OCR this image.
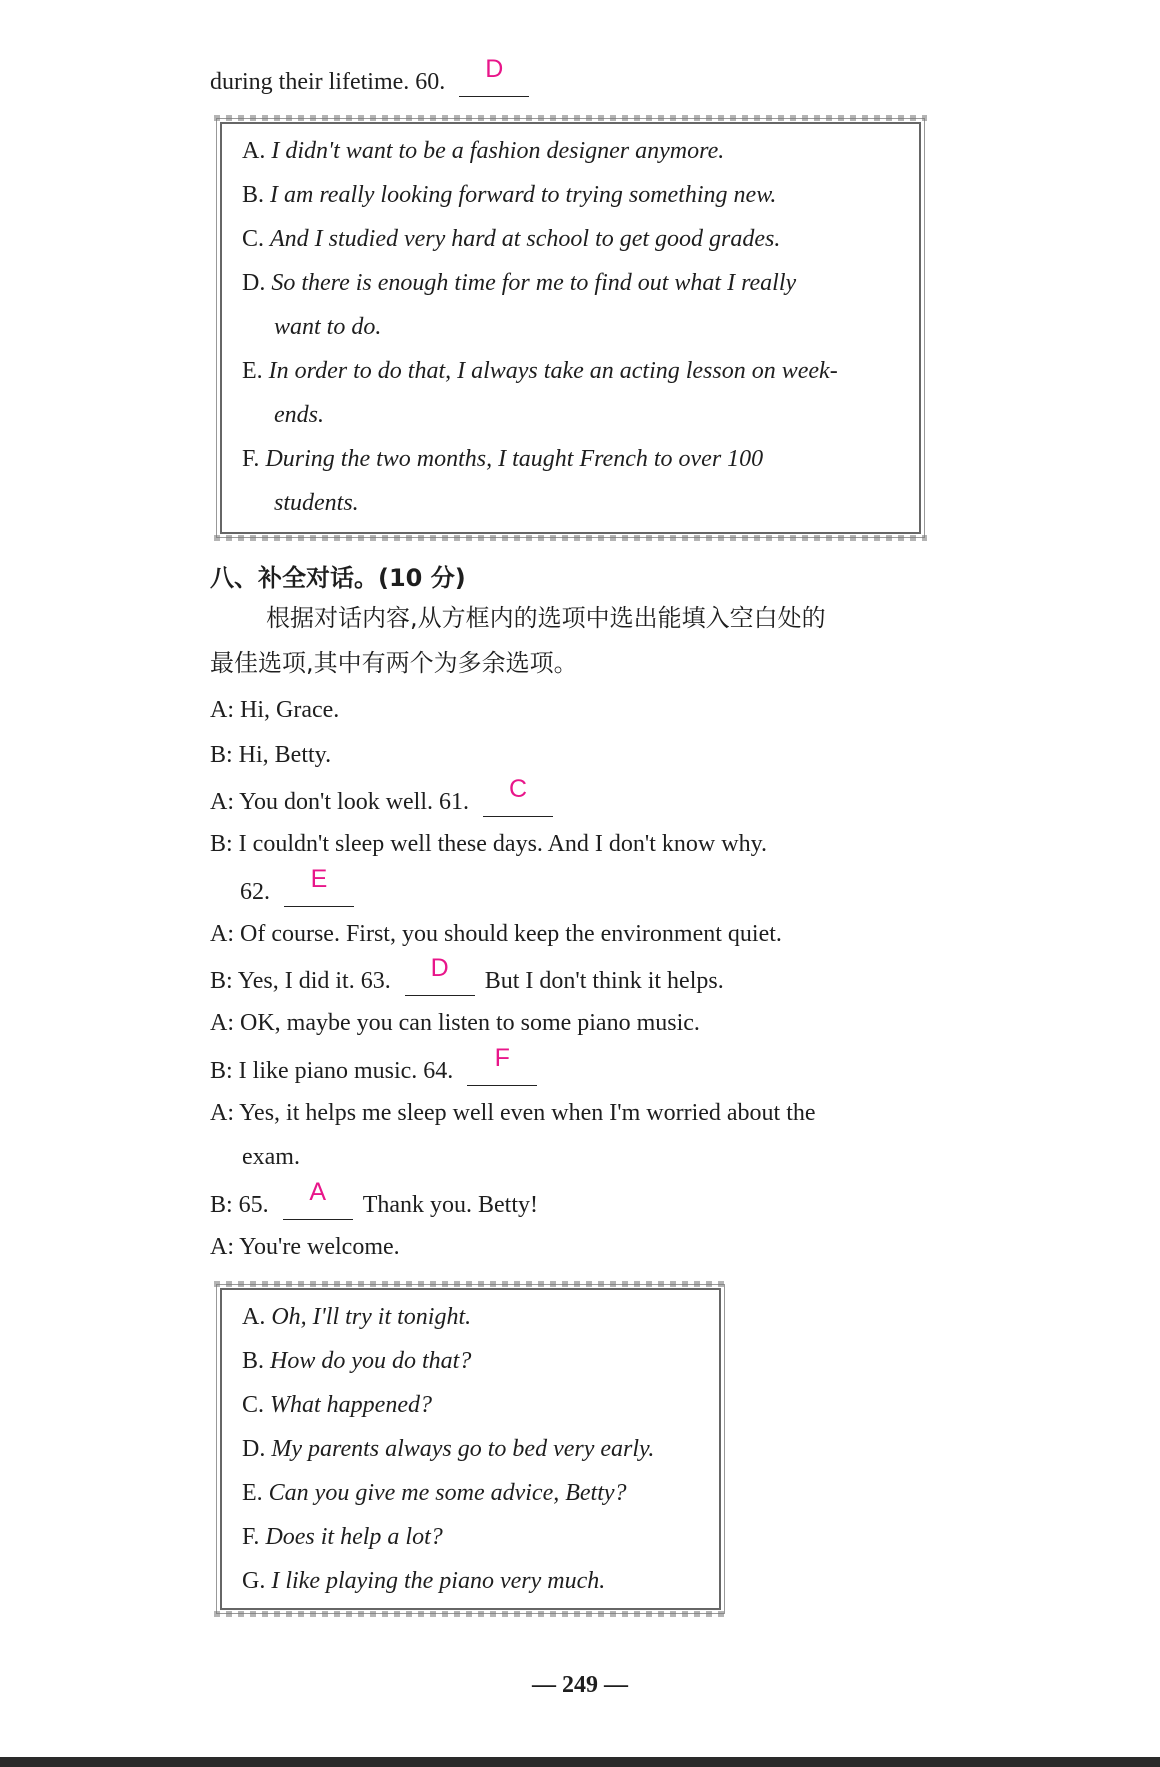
during their lifetime. 60. D
A. I didn't want to be a fashion designer anymore.
B. I am really looking forward to trying something new.
C. And I studied very hard at school to get good grades.
D. So there is enough time for me to find out what I really
want to do.
E. In order to do that, I always take an acting lesson on week-
ends.
F. During the two months, I taught French to over 100
students.
八、补全对话。(10 分)
根据对话内容,从方框内的选项中选出能填入空白处的
最佳选项,其中有两个为多余选项。
A: Hi, Grace.
B: Hi, Betty.
A: You don't look well. 61. C
B: I couldn't sleep well these days. And I don't know why.
62. E
A: Of course. First, you should keep the environment quiet.
B: Yes, I did it. 63. D But I don't think it helps.
A: OK, maybe you can listen to some piano music.
B: I like piano music. 64. F
A: Yes, it helps me sleep well even when I'm worried about the
exam.
B: 65. A Thank you. Betty!
A: You're welcome.
A. Oh, I'll try it tonight.
B. How do you do that?
C. What happened?
D. My parents always go to bed very early.
E. Can you give me some advice, Betty?
F. Does it help a lot?
G. I like playing the piano very much.
— 249 —
